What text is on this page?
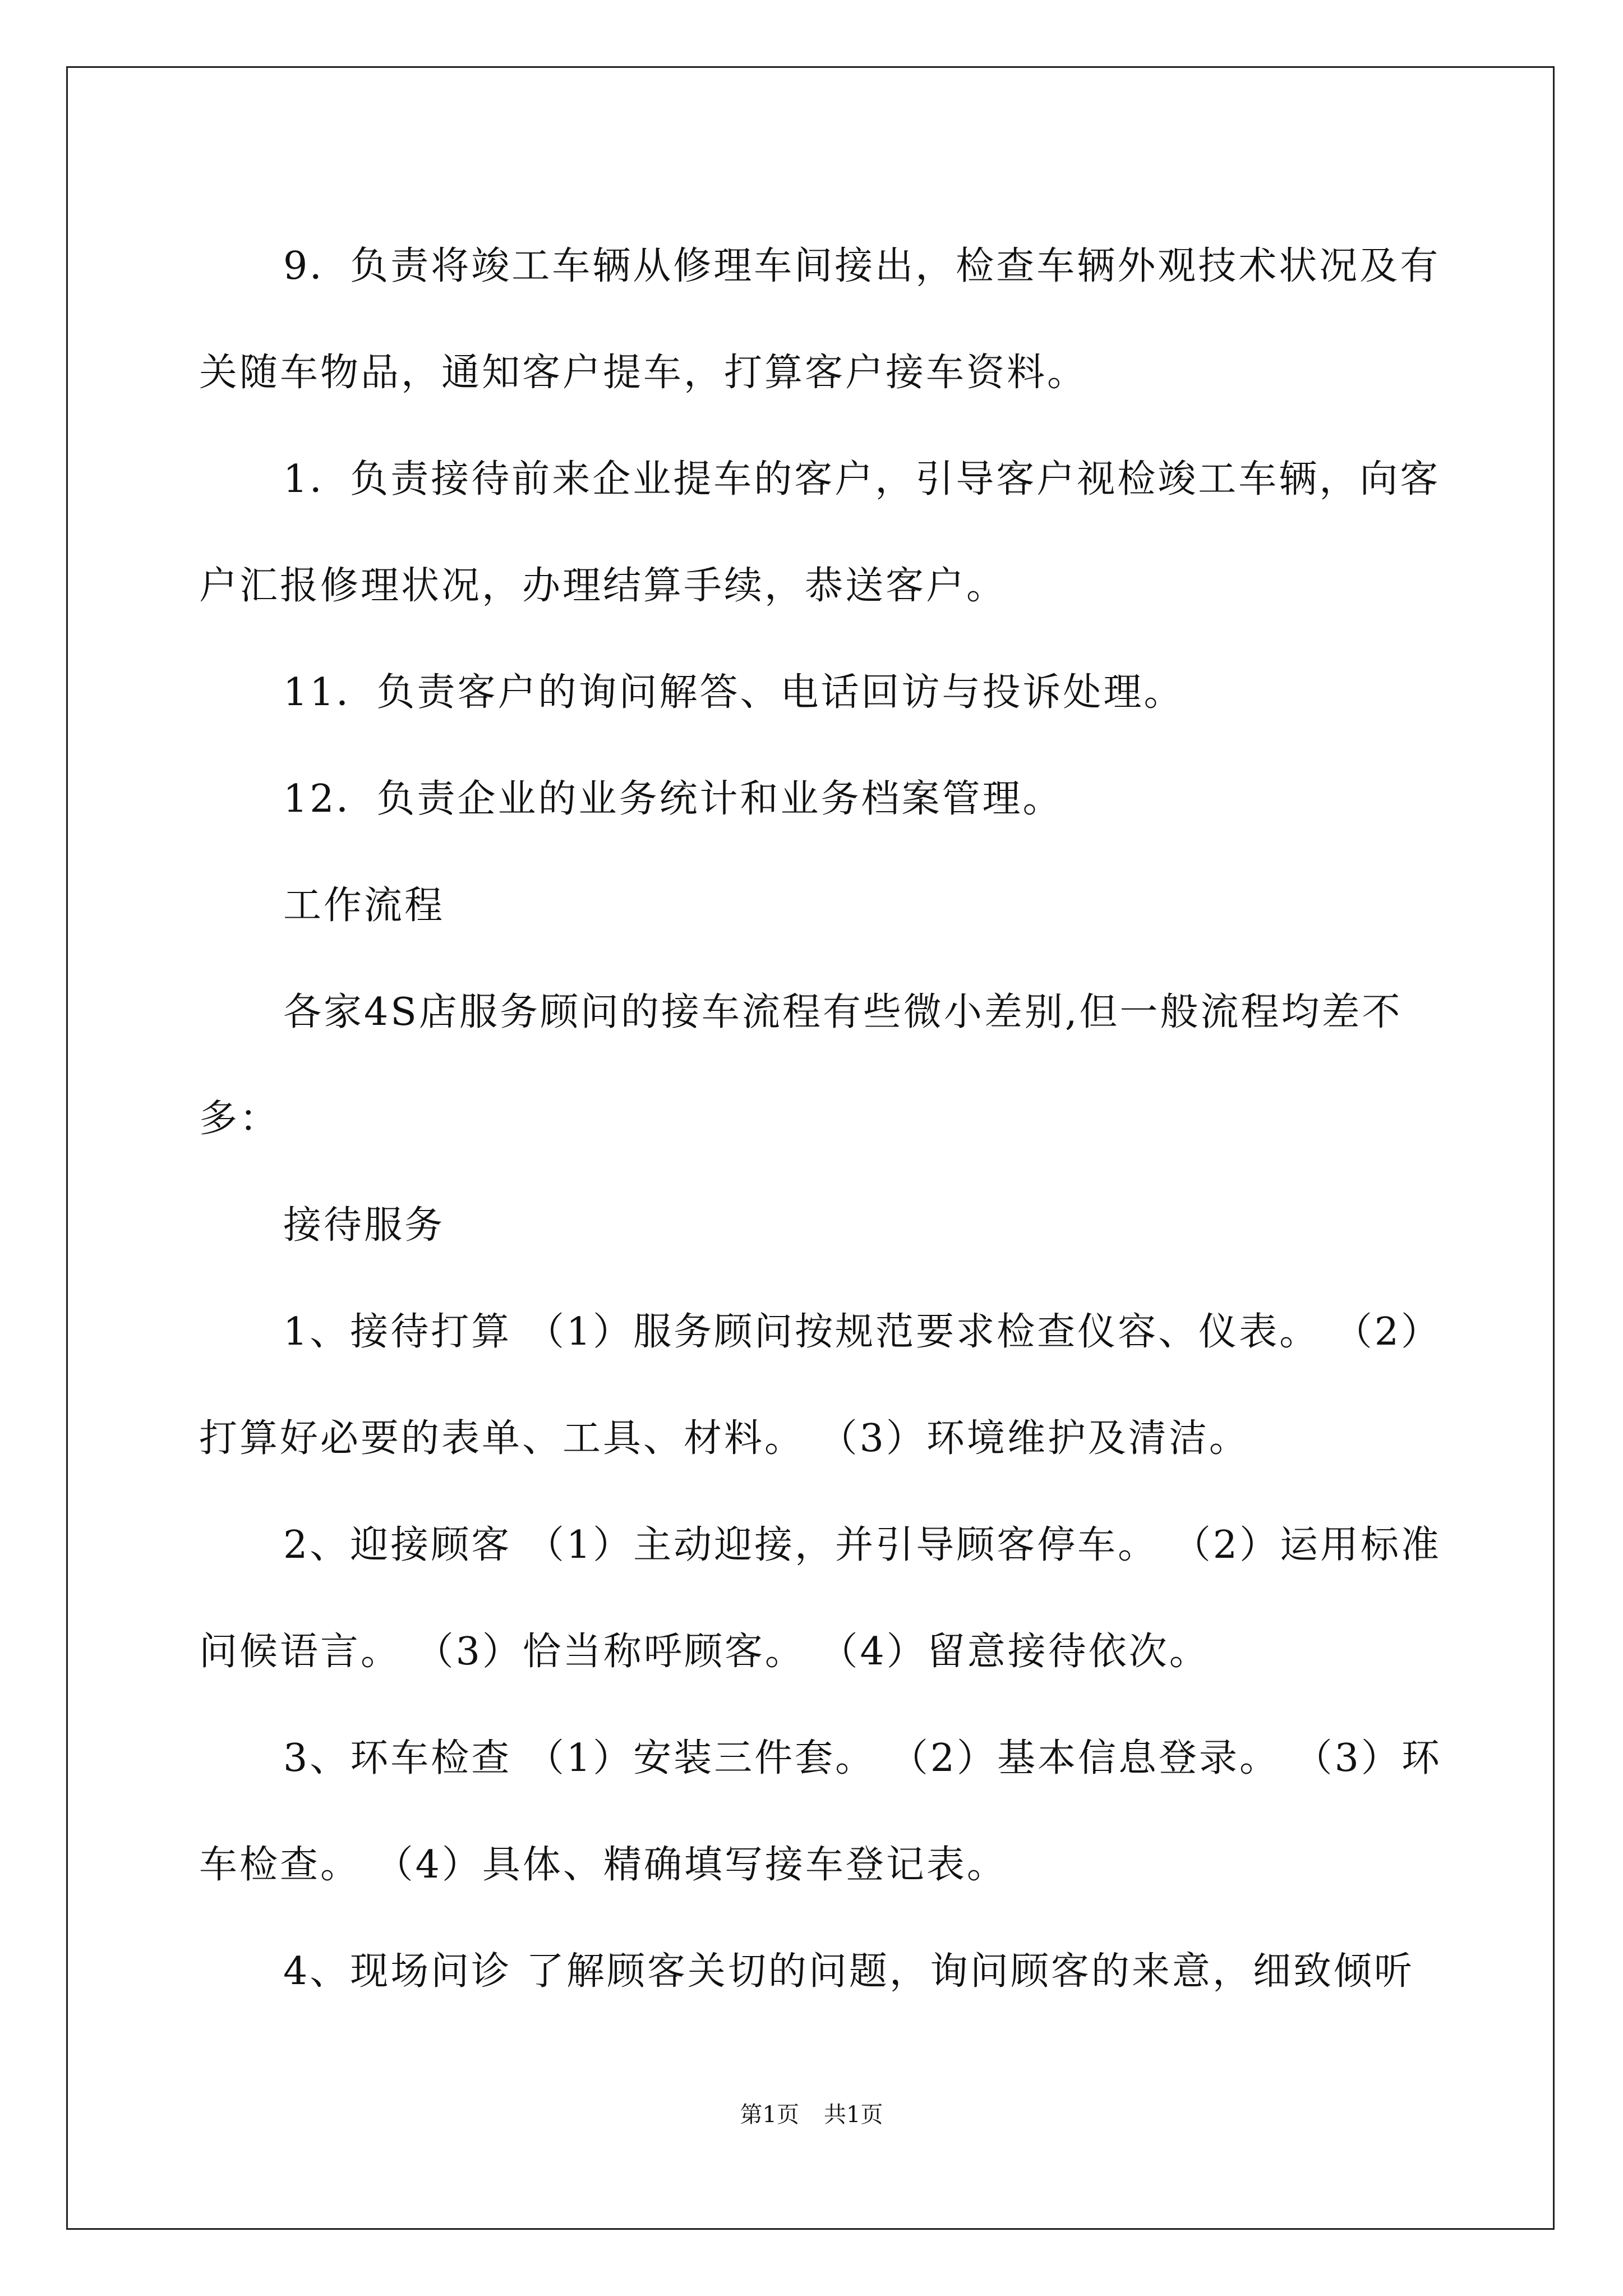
9．负责将竣工车辆从修理车间接出，检查车辆外观技术状况及有关随车物品，通知客户提车，打算客户接车资料。

1．负责接待前来企业提车的客户，引导客户视检竣工车辆，向客户汇报修理状况，办理结算手续，恭送客户。

11．负责客户的询问解答、电话回访与投诉处理。

12．负责企业的业务统计和业务档案管理。

工作流程

各家4S店服务顾问的接车流程有些微小差别,但一般流程均差不多：

接待服务

1、接待打算 （1）服务顾问按规范要求检查仪容、仪表。 （2）打算好必要的表单、工具、材料。 （3）环境维护及清洁。

2、迎接顾客 （1）主动迎接，并引导顾客停车。 （2）运用标准问候语言。 （3）恰当称呼顾客。 （4）留意接待依次。

3、环车检查 （1）安装三件套。 （2）基本信息登录。 （3）环车检查。 （4）具体、精确填写接车登记表。

4、现场问诊 了解顾客关切的问题，询问顾客的来意，细致倾听

第1页 共1页
